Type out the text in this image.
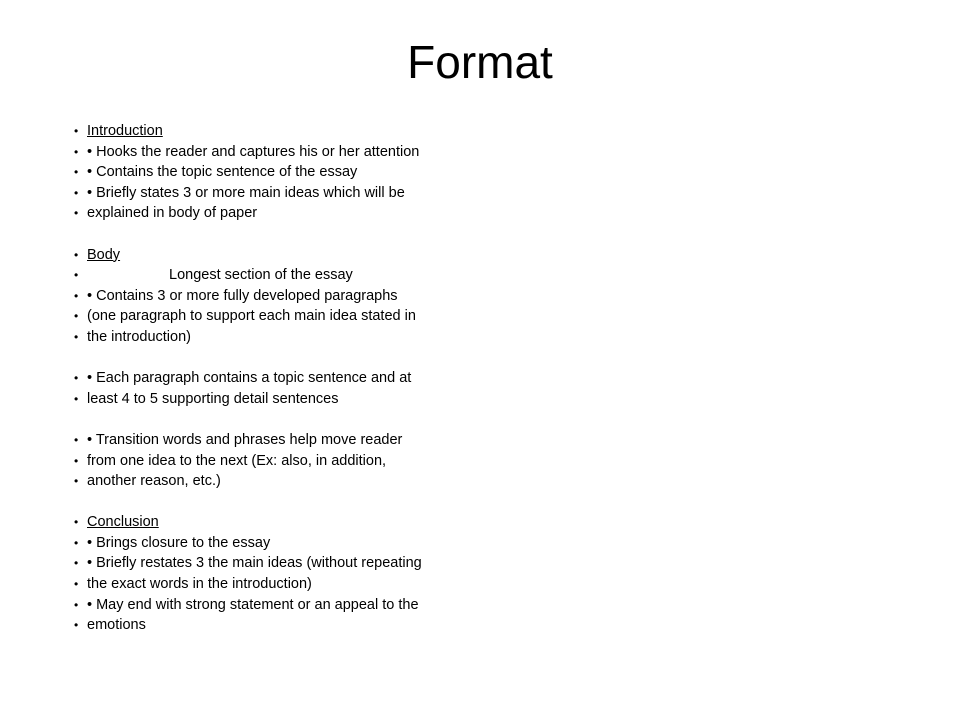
Format
• Introduction
• • Hooks the reader and captures his or her attention
• • Contains the topic sentence of the essay
• • Briefly states 3 or more main ideas which will be
• explained in body of paper
• Body
•	Longest section of the essay
• • Contains 3 or more fully developed paragraphs
• (one paragraph to support each main idea stated in
• the introduction)
• • Each paragraph contains a topic sentence and at
• least 4 to 5 supporting detail sentences
• • Transition words and phrases help move reader
• from one idea to the next (Ex: also, in addition,
• another reason, etc.)
• Conclusion
• • Brings closure to the essay
• • Briefly restates 3 the main ideas (without repeating
• the exact words in the introduction)
• • May end with strong statement or an appeal to the
• emotions
